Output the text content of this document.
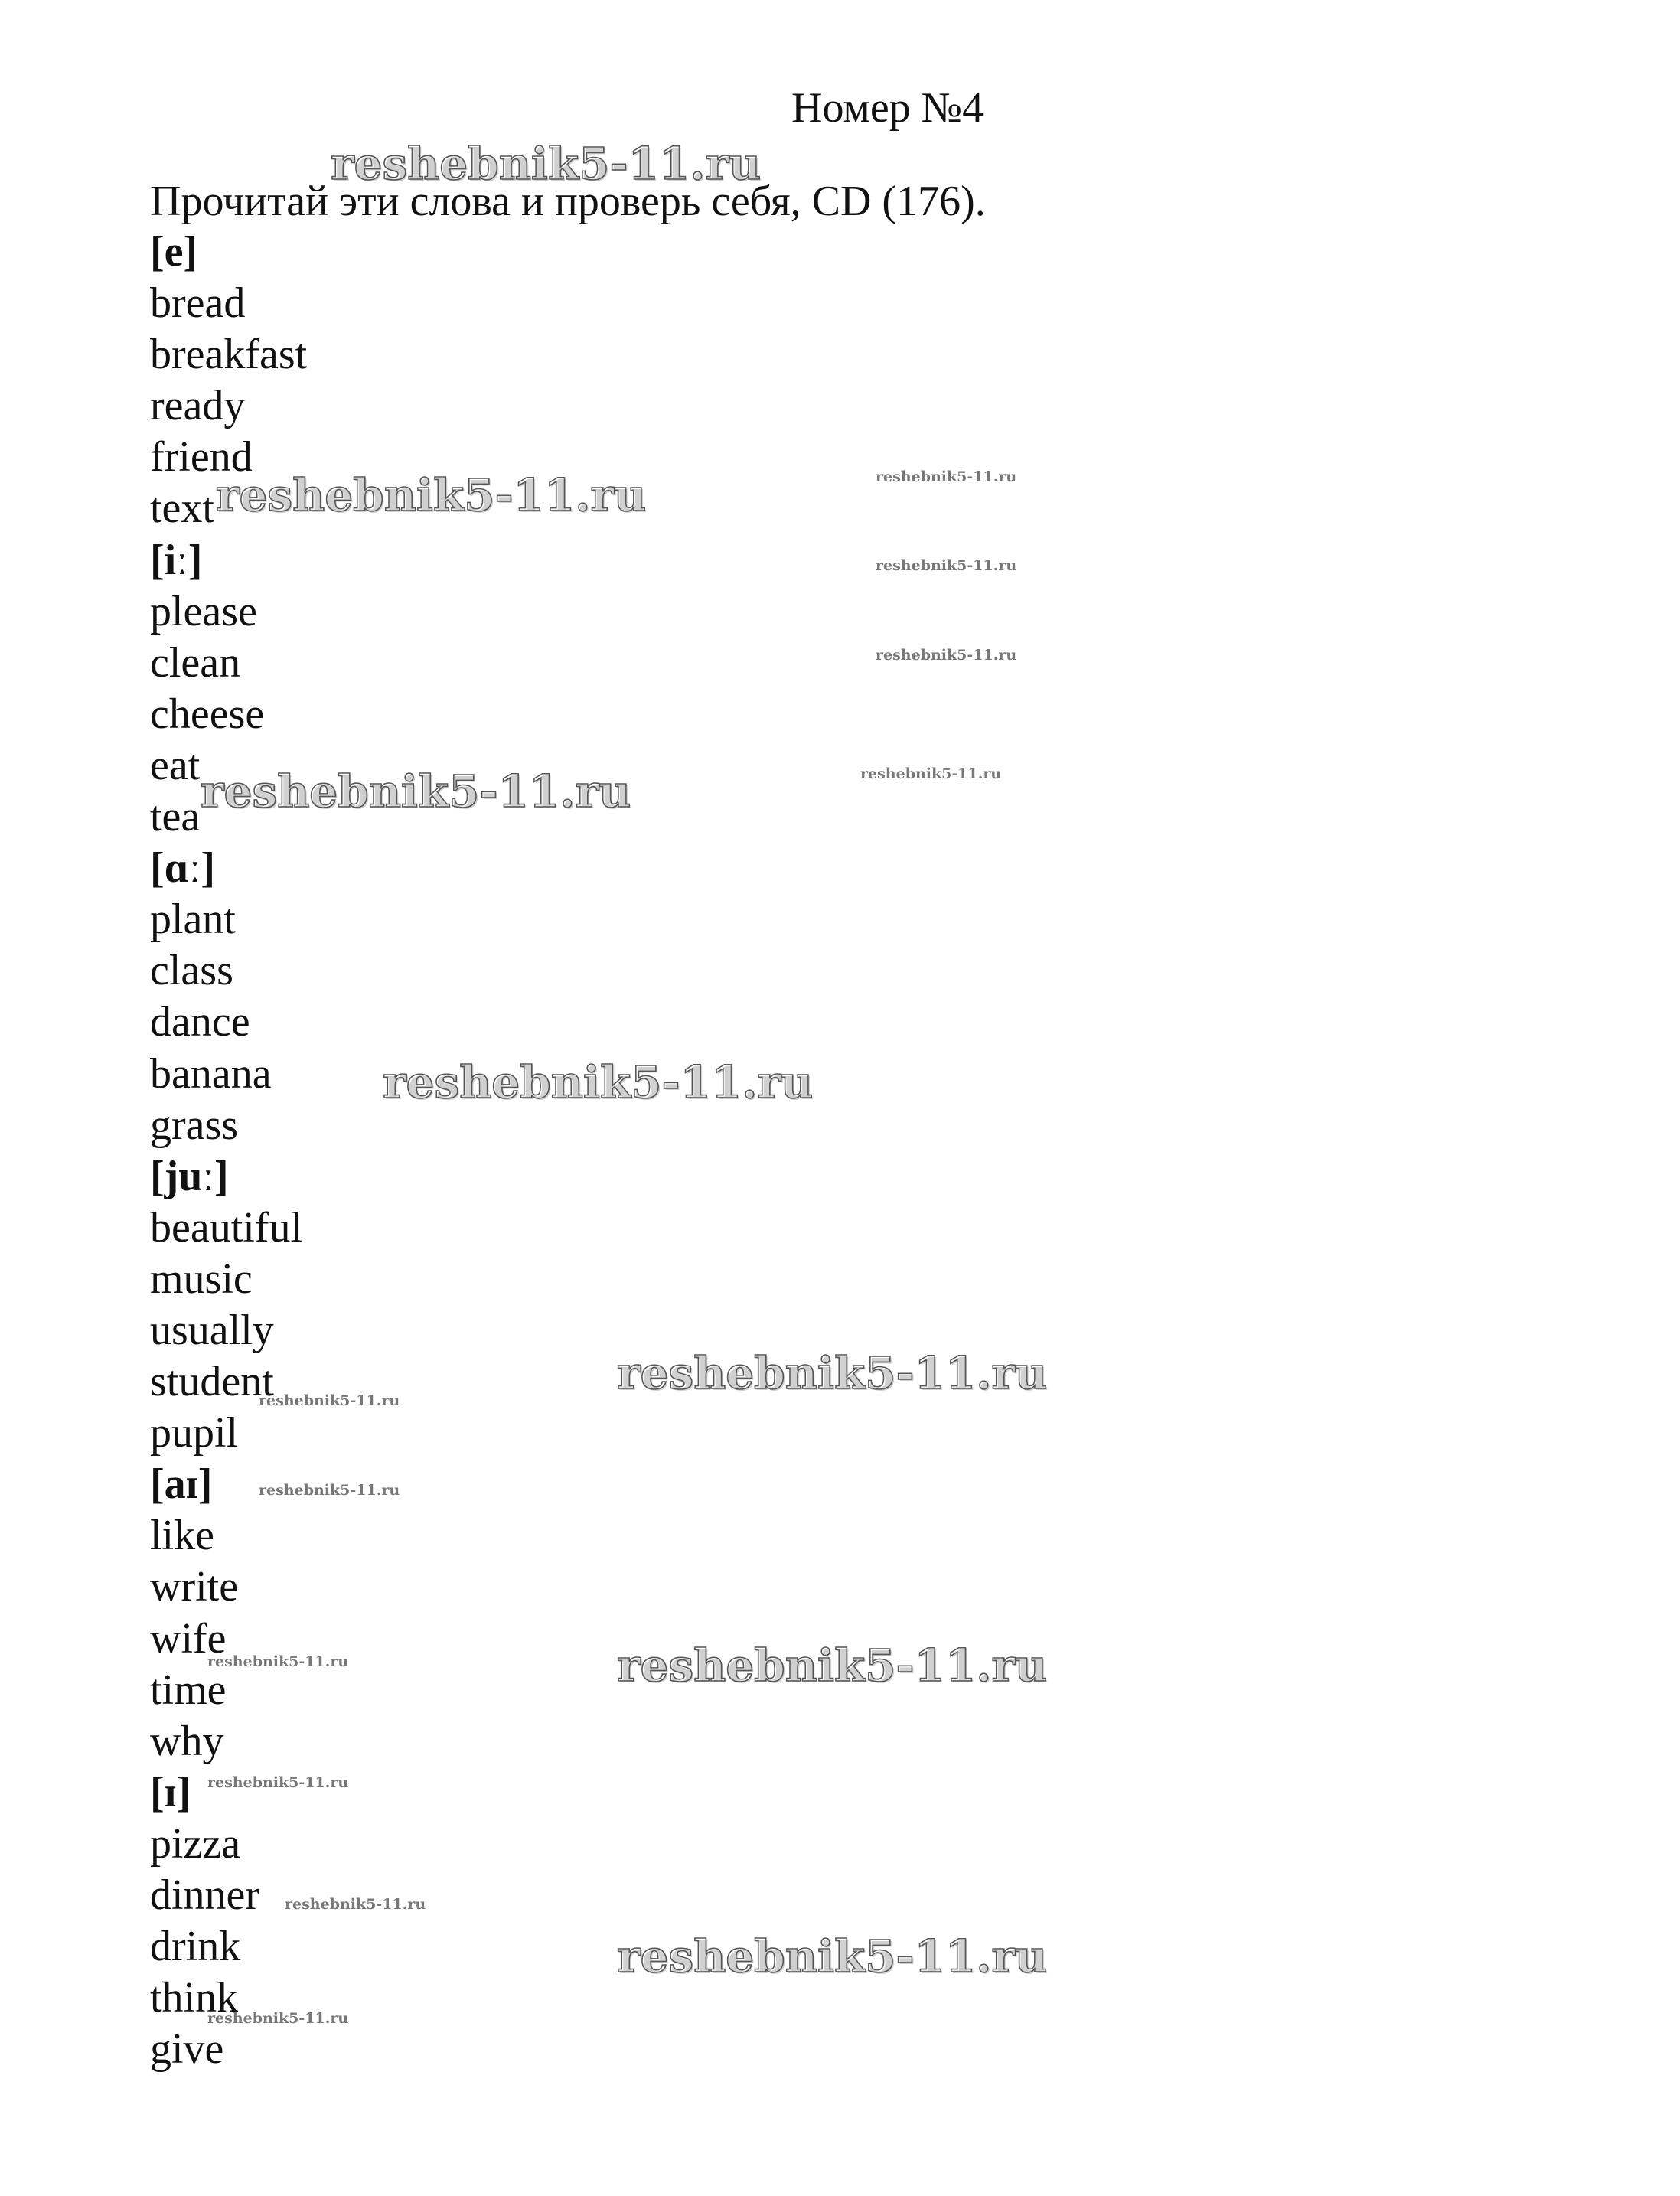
Номер №4
Прочитай эти слова и проверь себя, CD (176).
[e]
bread
breakfast
ready
friend
text
[iː]
please
clean
cheese
eat
tea
[ɑː]
plant
class
dance
banana
grass
[juː]
beautiful
music
usually
student
pupil
[aɪ]
like
write
wife
time
why
[ɪ]
pizza
dinner
drink
think
give
reshebnik5-11.ru
reshebnik5-11.ru
reshebnik5-11.ru
reshebnik5-11.ru
reshebnik5-11.ru
reshebnik5-11.ru
reshebnik5-11.ru
reshebnik5-11.ru
reshebnik5-11.ru
reshebnik5-11.ru
reshebnik5-11.ru
reshebnik5-11.ru
reshebnik5-11.ru
reshebnik5-11.ru
reshebnik5-11.ru
reshebnik5-11.ru
reshebnik5-11.ru
